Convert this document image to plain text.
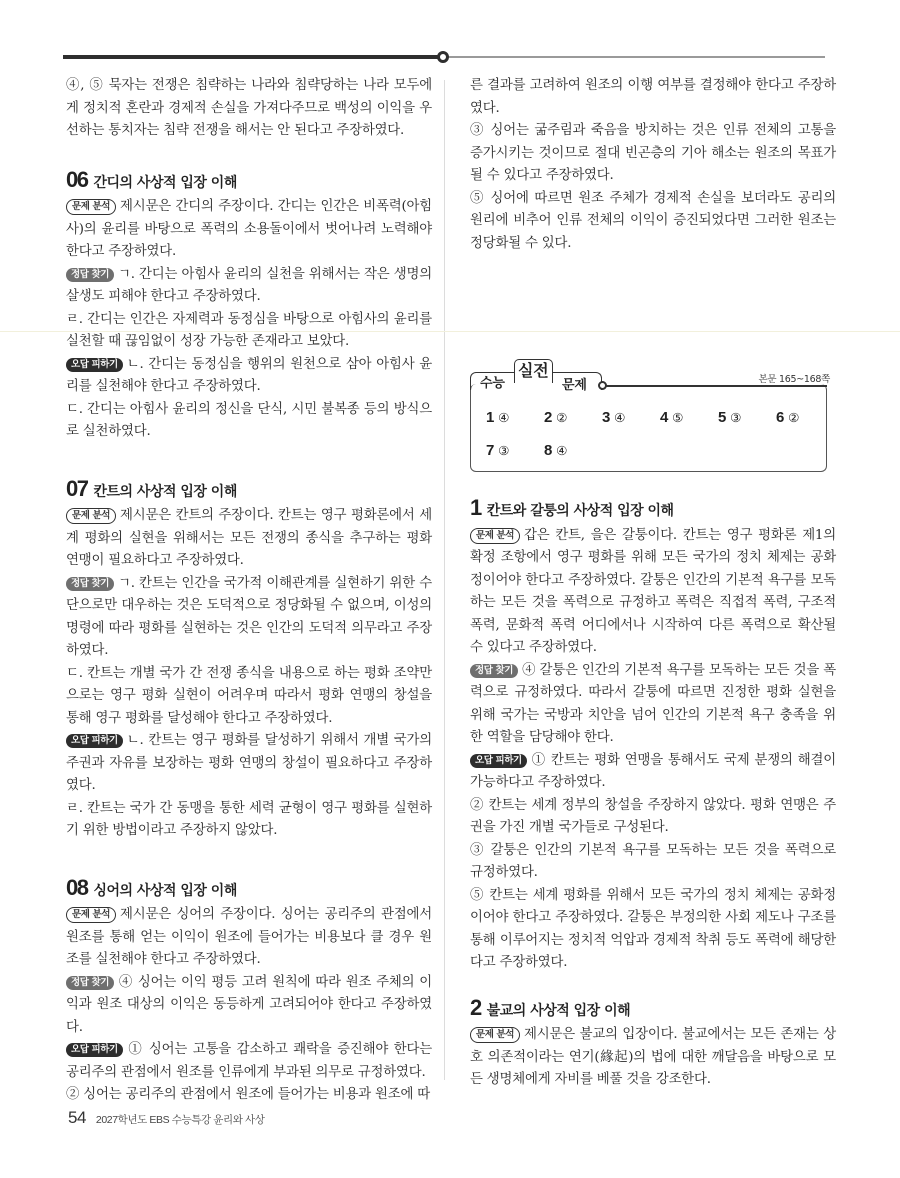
④, ⑤ 묵자는 전쟁은 침략하는 나라와 침략당하는 나라 모두에게 정치적 혼란과 경제적 손실을 가져다주므로 백성의 이익을 우선하는 통치자는 침략 전쟁을 해서는 안 된다고 주장하였다.

06 간디의 사상적 입장 이해

문제 분석 제시문은 간디의 주장이다. 간디는 인간은 비폭력(아힘사)의 윤리를 바탕으로 폭력의 소용돌이에서 벗어나려 노력해야 한다고 주장하였다.

정답 찾기 ㄱ. 간디는 아힘사 윤리의 실천을 위해서는 작은 생명의 살생도 피해야 한다고 주장하였다.

ㄹ. 간디는 인간은 자제력과 동정심을 바탕으로 아힘사의 윤리를 실천할 때 끊임없이 성장 가능한 존재라고 보았다.

오답 피하기 ㄴ. 간디는 동정심을 행위의 원천으로 삼아 아힘사 윤리를 실천해야 한다고 주장하였다.

ㄷ. 간디는 아힘사 윤리의 정신을 단식, 시민 불복종 등의 방식으로 실천하였다.

07 칸트의 사상적 입장 이해

문제 분석 제시문은 칸트의 주장이다. 칸트는 영구 평화론에서 세계 평화의 실현을 위해서는 모든 전쟁의 종식을 추구하는 평화 연맹이 필요하다고 주장하였다.

정답 찾기 ㄱ. 칸트는 인간을 국가적 이해관계를 실현하기 위한 수단으로만 대우하는 것은 도덕적으로 정당화될 수 없으며, 이성의 명령에 따라 평화를 실현하는 것은 인간의 도덕적 의무라고 주장하였다.

ㄷ. 칸트는 개별 국가 간 전쟁 종식을 내용으로 하는 평화 조약만으로는 영구 평화 실현이 어려우며 따라서 평화 연맹의 창설을 통해 영구 평화를 달성해야 한다고 주장하였다.

오답 피하기 ㄴ. 칸트는 영구 평화를 달성하기 위해서 개별 국가의 주권과 자유를 보장하는 평화 연맹의 창설이 필요하다고 주장하였다.

ㄹ. 칸트는 국가 간 동맹을 통한 세력 균형이 영구 평화를 실현하기 위한 방법이라고 주장하지 않았다.

08 싱어의 사상적 입장 이해

문제 분석 제시문은 싱어의 주장이다. 싱어는 공리주의 관점에서 원조를 통해 얻는 이익이 원조에 들어가는 비용보다 클 경우 원조를 실천해야 한다고 주장하였다.

정답 찾기 ④ 싱어는 이익 평등 고려 원칙에 따라 원조 주체의 이익과 원조 대상의 이익은 동등하게 고려되어야 한다고 주장하였다.

오답 피하기 ① 싱어는 고통을 감소하고 쾌락을 증진해야 한다는 공리주의 관점에서 원조를 인류에게 부과된 의무로 규정하였다.

② 싱어는 공리주의 관점에서 원조에 들어가는 비용과 원조에 따

른 결과를 고려하여 원조의 이행 여부를 결정해야 한다고 주장하였다.

③ 싱어는 굶주림과 죽음을 방치하는 것은 인류 전체의 고통을 증가시키는 것이므로 절대 빈곤층의 기아 해소는 원조의 목표가 될 수 있다고 주장하였다.

⑤ 싱어에 따르면 원조 주체가 경제적 손실을 보더라도 공리의 원리에 비추어 인류 전체의 이익이 증진되었다면 그러한 원조는 정당화될 수 있다.

수능
실전
문제	본문 165~168쪽
1 ④	2 ②	3 ④	4 ⑤	5 ③	6 ②
7 ③	8 ④
1 칸트와 갈퉁의 사상적 입장 이해

문제 분석 갑은 칸트, 을은 갈퉁이다. 칸트는 영구 평화론 제1의 확정 조항에서 영구 평화를 위해 모든 국가의 정치 체제는 공화정이어야 한다고 주장하였다. 갈퉁은 인간의 기본적 욕구를 모독하는 모든 것을 폭력으로 규정하고 폭력은 직접적 폭력, 구조적 폭력, 문화적 폭력 어디에서나 시작하여 다른 폭력으로 확산될 수 있다고 주장하였다.

정답 찾기 ④ 갈퉁은 인간의 기본적 욕구를 모독하는 모든 것을 폭력으로 규정하였다. 따라서 갈퉁에 따르면 진정한 평화 실현을 위해 국가는 국방과 치안을 넘어 인간의 기본적 욕구 충족을 위한 역할을 담당해야 한다.

오답 피하기 ① 칸트는 평화 연맹을 통해서도 국제 분쟁의 해결이 가능하다고 주장하였다.

② 칸트는 세계 정부의 창설을 주장하지 않았다. 평화 연맹은 주권을 가진 개별 국가들로 구성된다.

③ 갈퉁은 인간의 기본적 욕구를 모독하는 모든 것을 폭력으로 규정하였다.

⑤ 칸트는 세계 평화를 위해서 모든 국가의 정치 체제는 공화정이어야 한다고 주장하였다. 갈퉁은 부정의한 사회 제도나 구조를 통해 이루어지는 정치적 억압과 경제적 착취 등도 폭력에 해당한다고 주장하였다.

2 불교의 사상적 입장 이해

문제 분석 제시문은 불교의 입장이다. 불교에서는 모든 존재는 상호 의존적이라는 연기(緣起)의 법에 대한 깨달음을 바탕으로 모든 생명체에게 자비를 베풀 것을 강조한다.

54 2027학년도 EBS 수능특강 윤리와 사상
